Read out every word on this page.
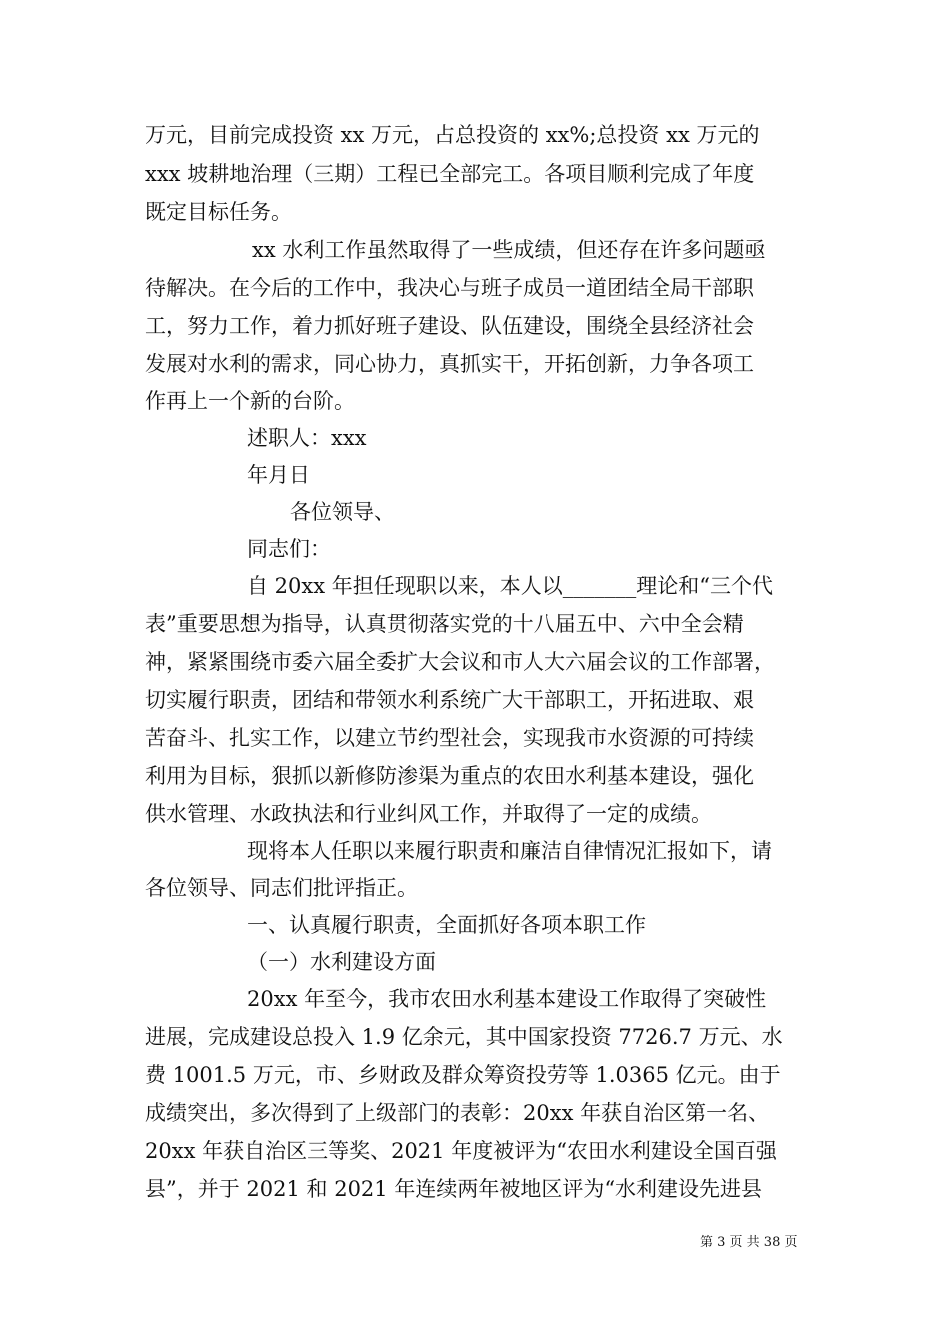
万元，目前完成投资 xx 万元，占总投资的 xx%;总投资 xx 万元的
xxx 坡耕地治理（三期）工程已全部完工。各项目顺利完成了年度
既定目标任务。
xx 水利工作虽然取得了一些成绩，但还存在许多问题亟
待解决。在今后的工作中，我决心与班子成员一道团结全局干部职
工，努力工作，着力抓好班子建设、队伍建设，围绕全县经济社会
发展对水利的需求，同心协力，真抓实干，开拓创新，力争各项工
作再上一个新的台阶。
述职人：xxx
年月日
各位领导、
同志们：
自 20xx 年担任现职以来，本人以_______理论和“三个代
表”重要思想为指导，认真贯彻落实党的十八届五中、六中全会精
神，紧紧围绕市委六届全委扩大会议和市人大六届会议的工作部署，
切实履行职责，团结和带领水利系统广大干部职工，开拓进取、艰
苦奋斗、扎实工作，以建立节约型社会，实现我市水资源的可持续
利用为目标，狠抓以新修防渗渠为重点的农田水利基本建设，强化
供水管理、水政执法和行业纠风工作，并取得了一定的成绩。
现将本人任职以来履行职责和廉洁自律情况汇报如下，请
各位领导、同志们批评指正。
一、认真履行职责，全面抓好各项本职工作
（一）水利建设方面
20xx 年至今，我市农田水利基本建设工作取得了突破性
进展，完成建设总投入 1.9 亿余元，其中国家投资 7726.7 万元、水
费 1001.5 万元，市、乡财政及群众筹资投劳等 1.0365 亿元。由于
成绩突出，多次得到了上级部门的表彰：20xx 年获自治区第一名、
20xx 年获自治区三等奖、2021 年度被评为“农田水利建设全国百强
县”，并于 2021 和 2021 年连续两年被地区评为“水利建设先进县
第 3 页 共 38 页
